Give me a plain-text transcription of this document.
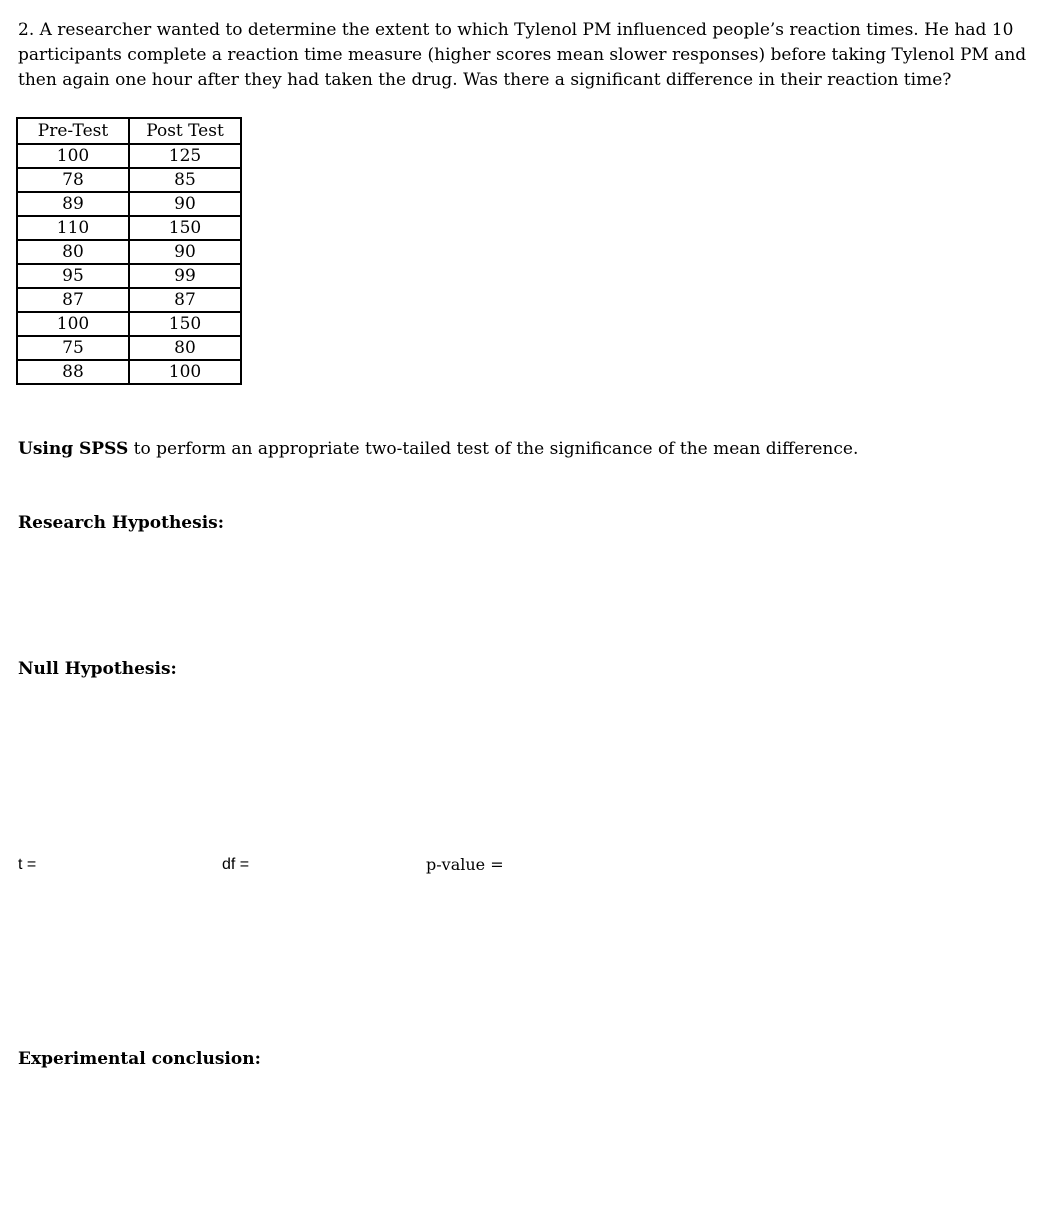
2. A researcher wanted to determine the extent to which Tylenol PM influenced people’s reaction times. He had 10 participants complete a reaction time measure (higher scores mean slower responses) before taking Tylenol PM and then again one hour after they had taken the drug. Was there a significant difference in their reaction time?

Pre-Test	Post Test
100	125
78	85
89	90
110	150
80	90
95	99
87	87
100	150
75	80
88	100

Using SPSS to perform an appropriate two-tailed test of the significance of the mean difference.

Research Hypothesis:

Null Hypothesis:

t =	df =	p-value =

Experimental conclusion:
